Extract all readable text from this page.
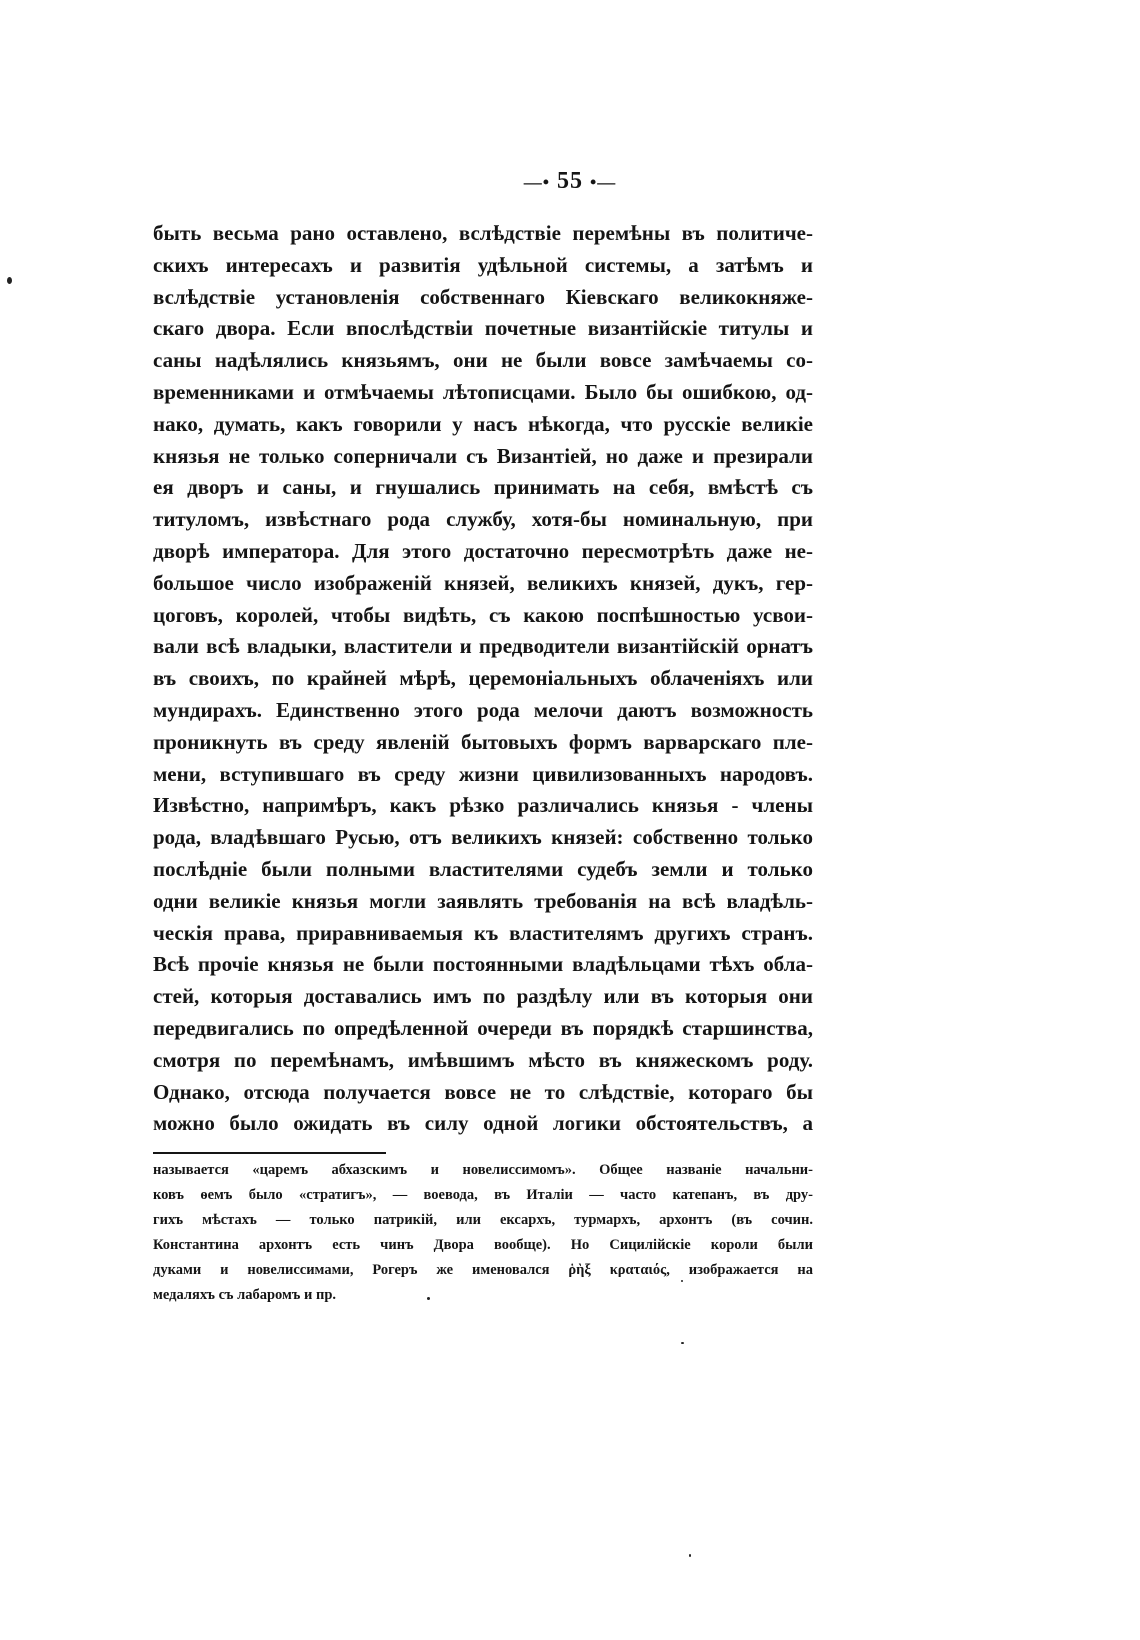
—• 55 •—
быть весьма рано оставлено, вслѣдствіе перемѣны въ политиче-
скихъ интересахъ и развитія удѣльной системы, а затѣмъ и
вслѣдствіе установленія собственнаго Кіевскаго великокняже-
скаго двора. Если впослѣдствіи почетные византійскіе титулы и
саны надѣлялись князьямъ, они не были вовсе замѣчаемы со-
временниками и отмѣчаемы лѣтописцами. Было бы ошибкою, од-
нако, думать, какъ говорили у насъ нѣкогда, что русскіе великіе
князья не только соперничали съ Византіей, но даже и презирали
ея дворъ и саны, и гнушались принимать на себя, вмѣстѣ съ
титуломъ, извѣстнаго рода службу, хотя-бы номинальную, при
дворѣ императора. Для этого достаточно пересмотрѣть даже не-
большое число изображеній князей, великихъ князей, дукъ, гер-
цоговъ, королей, чтобы видѣть, съ какою поспѣшностью усвои-
вали всѣ владыки, властители и предводители византійскій орнатъ
въ своихъ, по крайней мѣрѣ, церемоніальныхъ облаченіяхъ или
мундирахъ. Единственно этого рода мелочи даютъ возможность
проникнуть въ среду явленій бытовыхъ формъ варварскаго пле-
мени, вступившаго въ среду жизни цивилизованныхъ народовъ.
Извѣстно, напримѣръ, какъ рѣзко различались князья - члены
рода, владѣвшаго Русью, отъ великихъ князей: собственно только
послѣдніе были полными властителями судебъ земли и только
одни великіе князья могли заявлять требованія на всѣ владѣль-
ческія права, приравниваемыя къ властителямъ другихъ странъ.
Всѣ прочіе князья не были постоянными владѣльцами тѣхъ обла-
стей, которыя доставались имъ по раздѣлу или въ которыя они
передвигались по опредѣленной очереди въ порядкѣ старшинства,
смотря по перемѣнамъ, имѣвшимъ мѣсто въ княжескомъ роду.
Однако, отсюда получается вовсе не то слѣдствіе, котораго бы
можно было ожидать въ силу одной логики обстоятельствъ, а
называется «царемъ абхазскимъ и новелиссимомъ». Общее названіе начальни-
ковъ ѳемъ было «стратигъ», — воевода, въ Италіи — часто катепанъ, въ дру-
гихъ мѣстахъ — только патрикій, или ексархъ, турмархъ, архонтъ (въ сочин.
Константина архонтъ есть чинъ Двора вообще). Но Сицилійскіе короли были
дуками и новелиссимами, Рогеръ же именовался ῥὴξ κραταιός, изображается на
медаляхъ съ лабаромъ и пр.
